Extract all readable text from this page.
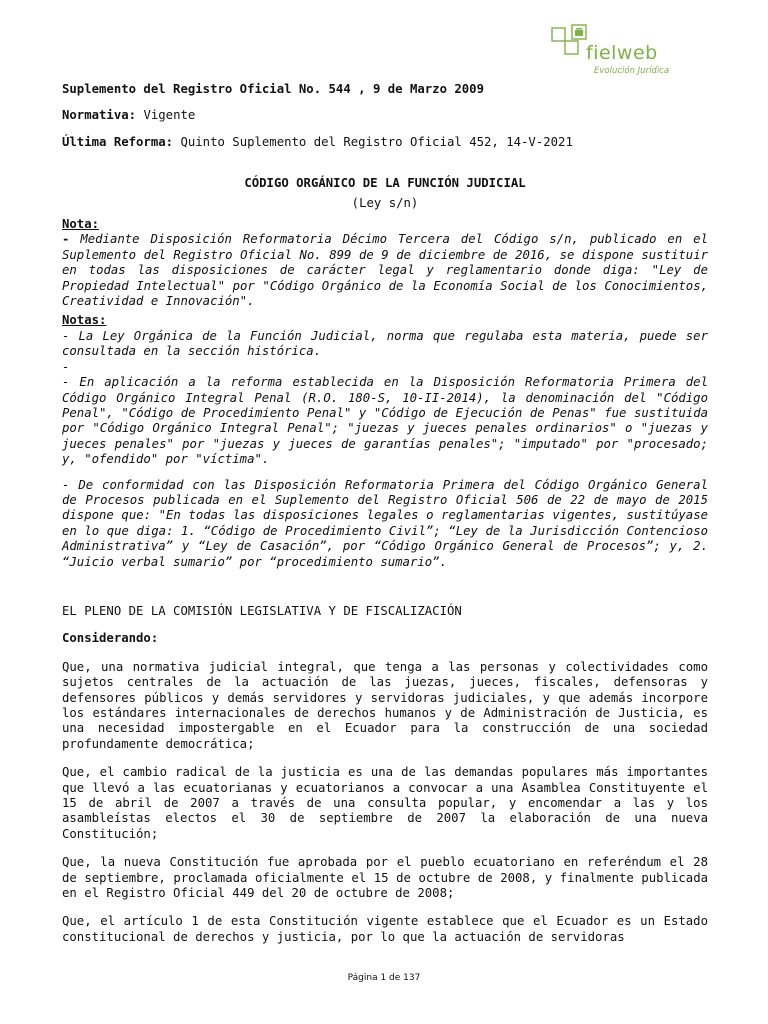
fielweb
Evolución Jurídica

Suplemento del Registro Oficial No. 544 , 9 de Marzo 2009

Normativa: Vigente

Última Reforma: Quinto Suplemento del Registro Oficial 452, 14-V-2021

CÓDIGO ORGÁNICO DE LA FUNCIÓN JUDICIAL
(Ley s/n)
Nota:

- Mediante Disposición Reformatoria Décimo Tercera del Código s/n, publicado en el Suplemento del Registro Oficial No. 899 de 9 de diciembre de 2016, se dispone sustituir en todas las disposiciones de carácter legal y reglamentario donde diga: "Ley de Propiedad Intelectual" por "Código Orgánico de la Economía Social de los Conocimientos, Creatividad e Innovación".

Notas:

- La Ley Orgánica de la Función Judicial, norma que regulaba esta materia, puede ser consultada en la sección histórica.

-

- En aplicación a la reforma establecida en la Disposición Reformatoria Primera del Código Orgánico Integral Penal (R.O. 180-S, 10-II-2014), la denominación del "Código Penal", "Código de Procedimiento Penal" y "Código de Ejecución de Penas" fue sustituida por "Código Orgánico Integral Penal"; "juezas y jueces penales ordinarios" o "juezas y jueces penales" por "juezas y jueces de garantías penales"; "imputado" por "procesado; y, "ofendido" por "víctima".

- De conformidad con las Disposición Reformatoria Primera del Código Orgánico General de Procesos publicada en el Suplemento del Registro Oficial 506 de 22 de mayo de 2015 dispone que: "En todas las disposiciones legales o reglamentarias vigentes, sustitúyase en lo que diga: 1. “Código de Procedimiento Civil”; “Ley de la Jurisdicción Contencioso Administrativa” y “Ley de Casación”, por “Código Orgánico General de Procesos”; y, 2. “Juicio verbal sumario” por “procedimiento sumario”.

EL PLENO DE LA COMISIÓN LEGISLATIVA Y DE FISCALIZACIÓN

Considerando:

Que, una normativa judicial integral, que tenga a las personas y colectividades como sujetos centrales de la actuación de las juezas, jueces, fiscales, defensoras y defensores públicos y demás servidores y servidoras judiciales, y que además incorpore los estándares internacionales de derechos humanos y de Administración de Justicia, es una necesidad impostergable en el Ecuador para la construcción de una sociedad profundamente democrática;

Que, el cambio radical de la justicia es una de las demandas populares más importantes que llevó a las ecuatorianas y ecuatorianos a convocar a una Asamblea Constituyente el 15 de abril de 2007 a través de una consulta popular, y encomendar a las y los asambleístas electos el 30 de septiembre de 2007 la elaboración de una nueva Constitución;

Que, la nueva Constitución fue aprobada por el pueblo ecuatoriano en referéndum el 28 de septiembre, proclamada oficialmente el 15 de octubre de 2008, y finalmente publicada en el Registro Oficial 449 del 20 de octubre de 2008;

Que, el artículo 1 de esta Constitución vigente establece que el Ecuador es un Estado constitucional de derechos y justicia, por lo que la actuación de servidoras

Página 1 de 137
